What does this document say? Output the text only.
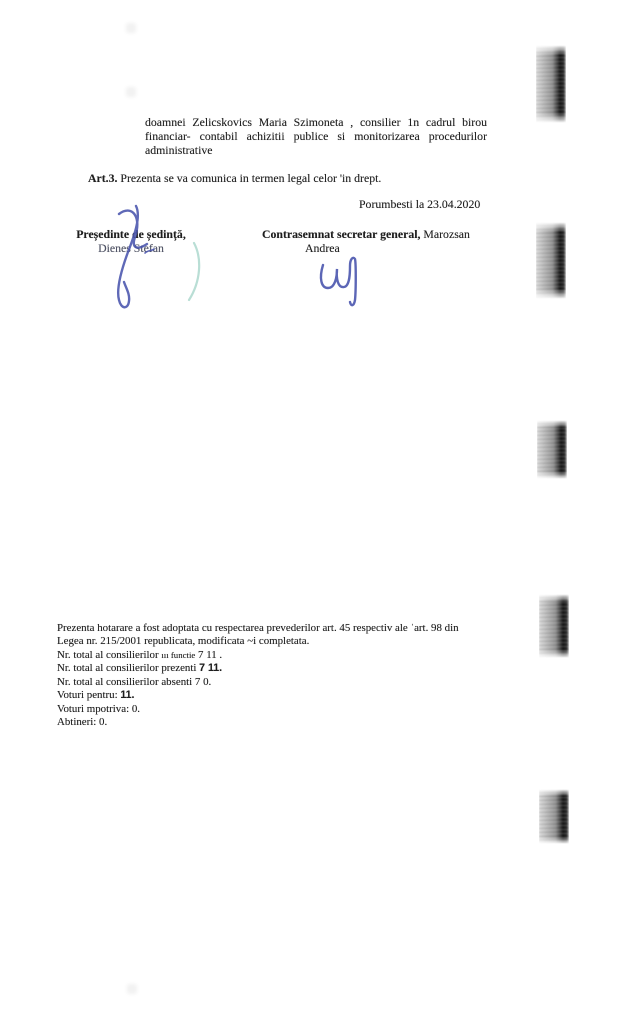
doamnei Zelicskovics Maria Szimoneta , consilier 1n cadrul birou
financiar- contabil achizitii publice si monitorizarea procedurilor
administrative
Art.3. Prezenta se va comunica in termen legal celor 'in drept.
Porumbesti la 23.04.2020
Președinte de ședință,
Dienes Stefan
Contrasemnat secretar general, Marozsan
Andrea
Prezenta hotarare a fost adoptata cu respectarea prevederilor art. 45 respectiv ale ˈart. 98 din
Legea nr. 215/2001 republicata, modificata ~i completata.
Nr. total al consilierilor ııı functie 7 11 .
Nr. total al consilierilor prezenti 7 11.
Nr. total al consilierilor absenti 7 0.
Voturi pentru: 11.
Voturi mpotriva: 0.
Abtineri: 0.
